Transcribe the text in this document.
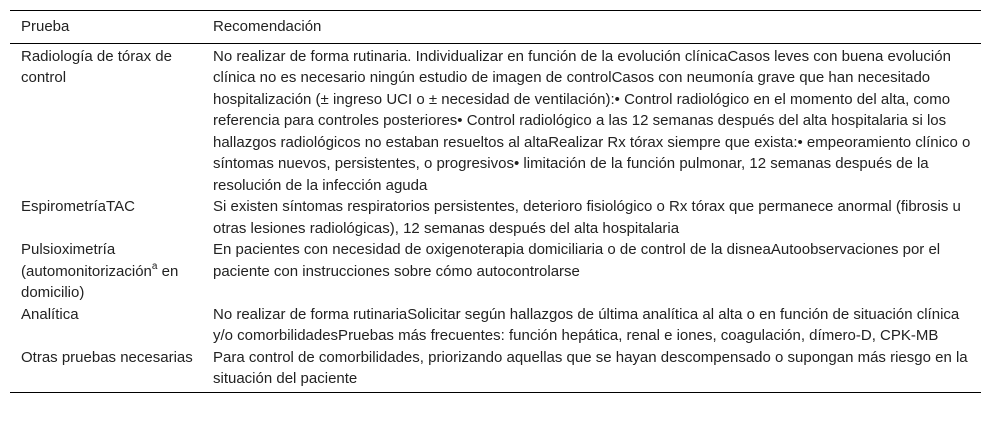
Prueba	Recomendación
Radiología de tórax de control	No realizar de forma rutinaria. Individualizar en función de la evolución clínicaCasos leves con buena evolución clínica no es necesario ningún estudio de imagen de controlCasos con neumonía grave que han necesitado hospitalización (± ingreso UCI o ± necesidad de ventilación):• Control radiológico en el momento del alta, como referencia para controles posteriores• Control radiológico a las 12 semanas después del alta hospitalaria si los hallazgos radiológicos no estaban resueltos al altaRealizar Rx tórax siempre que exista:• empeoramiento clínico o síntomas nuevos, persistentes, o progresivos• limitación de la función pulmonar, 12 semanas después de la resolución de la infección aguda
EspirometríaTAC	Si existen síntomas respiratorios persistentes, deterioro fisiológico o Rx tórax que permanece anormal (fibrosis u otras lesiones radiológicas), 12 semanas después del alta hospitalaria
Pulsioximetría (automonitorización$^a$ en domicilio)	En pacientes con necesidad de oxigenoterapia domiciliaria o de control de la disneaAutoobservaciones por el paciente con instrucciones sobre cómo autocontrolarse
Analítica	No realizar de forma rutinariaSolicitar según hallazgos de última analítica al alta o en función de situación clínica y/o comorbilidadesPruebas más frecuentes: función hepática, renal e iones, coagulación, dímero-D, CPK-MB
Otras pruebas necesarias	Para control de comorbilidades, priorizando aquellas que se hayan descompensado o supongan más riesgo en la situación del paciente
